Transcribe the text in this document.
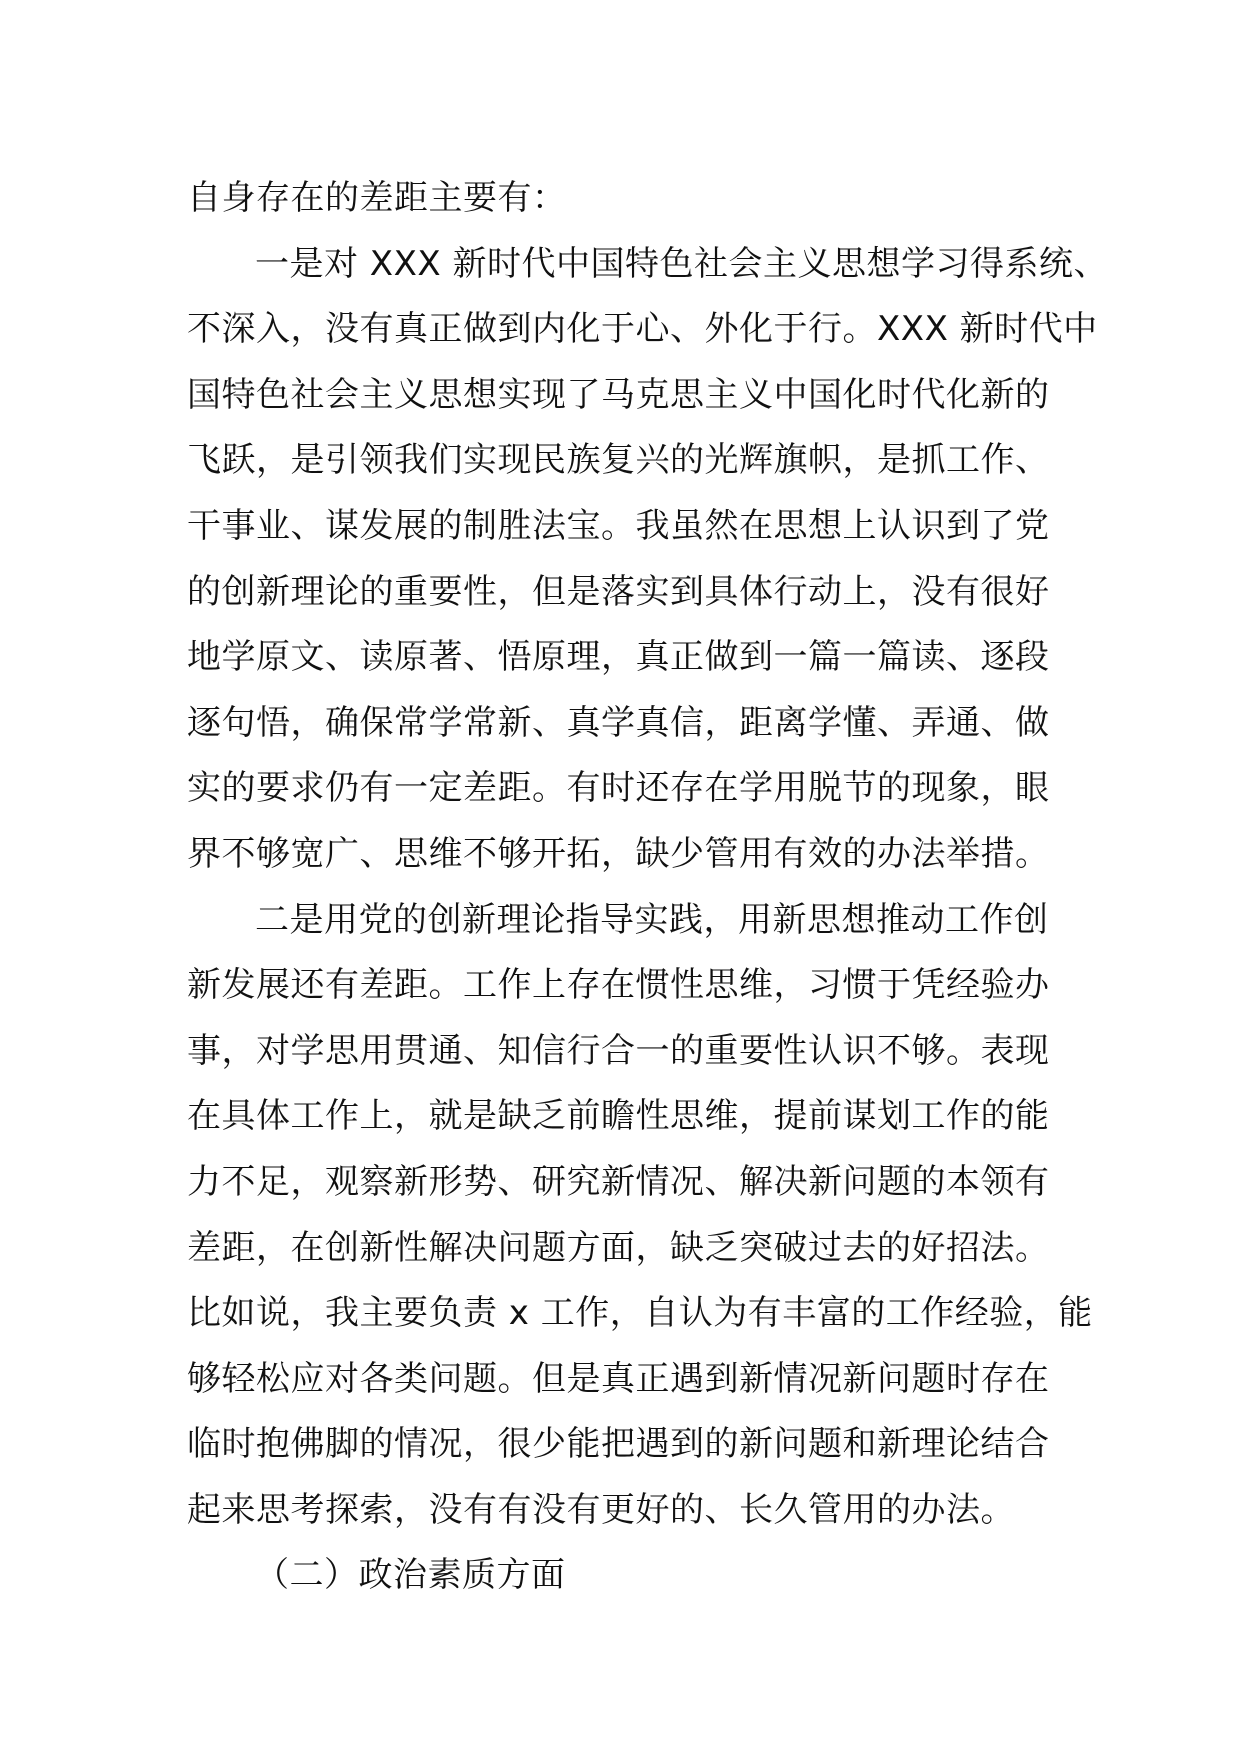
自身存在的差距主要有：
一是对 XXX 新时代中国特色社会主义思想学习得系统、
不深入，没有真正做到内化于心、外化于行。XXX 新时代中
国特色社会主义思想实现了马克思主义中国化时代化新的
飞跃，是引领我们实现民族复兴的光辉旗帜，是抓工作、
干事业、谋发展的制胜法宝。我虽然在思想上认识到了党
的创新理论的重要性，但是落实到具体行动上，没有很好
地学原文、读原著、悟原理，真正做到一篇一篇读、逐段
逐句悟，确保常学常新、真学真信，距离学懂、弄通、做
实的要求仍有一定差距。有时还存在学用脱节的现象，眼
界不够宽广、思维不够开拓，缺少管用有效的办法举措。
二是用党的创新理论指导实践，用新思想推动工作创
新发展还有差距。工作上存在惯性思维，习惯于凭经验办
事，对学思用贯通、知信行合一的重要性认识不够。表现
在具体工作上，就是缺乏前瞻性思维，提前谋划工作的能
力不足，观察新形势、研究新情况、解决新问题的本领有
差距，在创新性解决问题方面，缺乏突破过去的好招法。
比如说，我主要负责 x 工作，自认为有丰富的工作经验，能
够轻松应对各类问题。但是真正遇到新情况新问题时存在
临时抱佛脚的情况，很少能把遇到的新问题和新理论结合
起来思考探索，没有有没有更好的、长久管用的办法。
（二）政治素质方面
